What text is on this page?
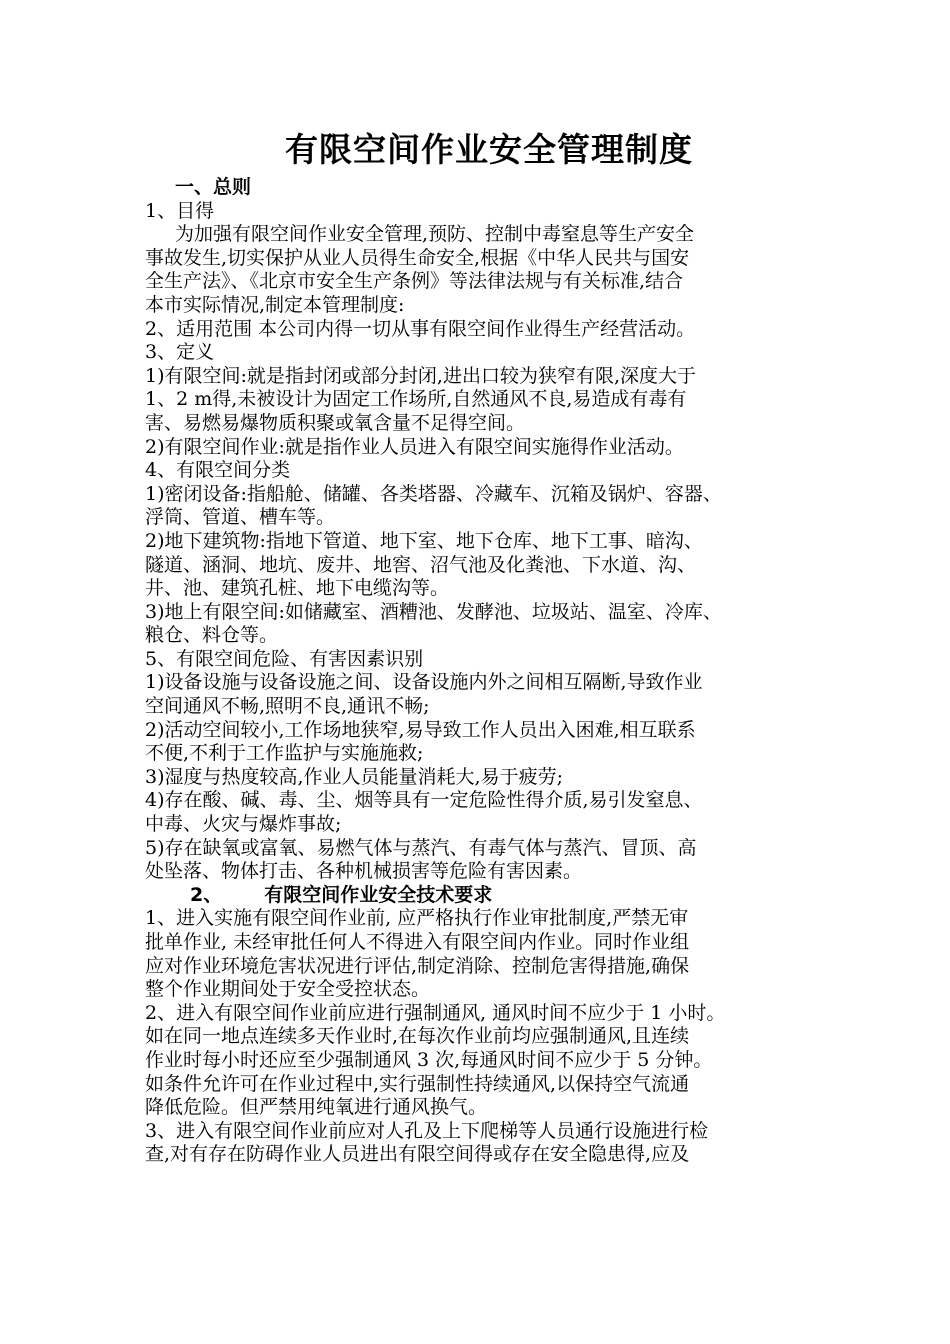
有限空间作业安全管理制度
一、总则
1、目得
为加强有限空间作业安全管理,预防、控制中毒窒息等生产安全
事故发生,切实保护从业人员得生命安全,根据《中华人民共与国安
全生产法》、《北京市安全生产条例》等法律法规与有关标准,结合
本市实际情况,制定本管理制度:
2、适用范围 本公司内得一切从事有限空间作业得生产经营活动。
3、定义
1)有限空间:就是指封闭或部分封闭,进出口较为狭窄有限,深度大于
1、2 m得,未被设计为固定工作场所,自然通风不良,易造成有毒有
害、易燃易爆物质积聚或氧含量不足得空间。
2)有限空间作业:就是指作业人员进入有限空间实施得作业活动。
4、有限空间分类
1)密闭设备:指船舱、储罐、各类塔器、冷藏车、沉箱及锅炉、容器、
浮筒、管道、槽车等。
2)地下建筑物:指地下管道、地下室、地下仓库、地下工事、暗沟、
隧道、涵洞、地坑、废井、地窖、沼气池及化粪池、下水道、沟、
井、池、建筑孔桩、地下电缆沟等。
3)地上有限空间:如储藏室、酒糟池、发酵池、垃圾站、温室、冷库、
粮仓、料仓等。
5、有限空间危险、有害因素识别
1)设备设施与设备设施之间、设备设施内外之间相互隔断,导致作业
空间通风不畅,照明不良,通讯不畅;
2)活动空间较小,工作场地狭窄,易导致工作人员出入困难,相互联系
不便,不利于工作监护与实施施救;
3)湿度与热度较高,作业人员能量消耗大,易于疲劳;
4)存在酸、碱、毒、尘、烟等具有一定危险性得介质,易引发窒息、
中毒、火灾与爆炸事故;
5)存在缺氧或富氧、易燃气体与蒸汽、有毒气体与蒸汽、冒顶、高
处坠落、物体打击、各种机械损害等危险有害因素。
2、 有限空间作业安全技术要求
1、进入实施有限空间作业前, 应严格执行作业审批制度,严禁无审
批单作业, 未经审批任何人不得进入有限空间内作业。同时作业组
应对作业环境危害状况进行评估,制定消除、控制危害得措施,确保
整个作业期间处于安全受控状态。
2、进入有限空间作业前应进行强制通风, 通风时间不应少于 1 小时。
如在同一地点连续多天作业时,在每次作业前均应强制通风,且连续
作业时每小时还应至少强制通风 3 次,每通风时间不应少于 5 分钟。
如条件允许可在作业过程中,实行强制性持续通风,以保持空气流通
降低危险。但严禁用纯氧进行通风换气。
3、进入有限空间作业前应对人孔及上下爬梯等人员通行设施进行检
查,对有存在防碍作业人员进出有限空间得或存在安全隐患得,应及
